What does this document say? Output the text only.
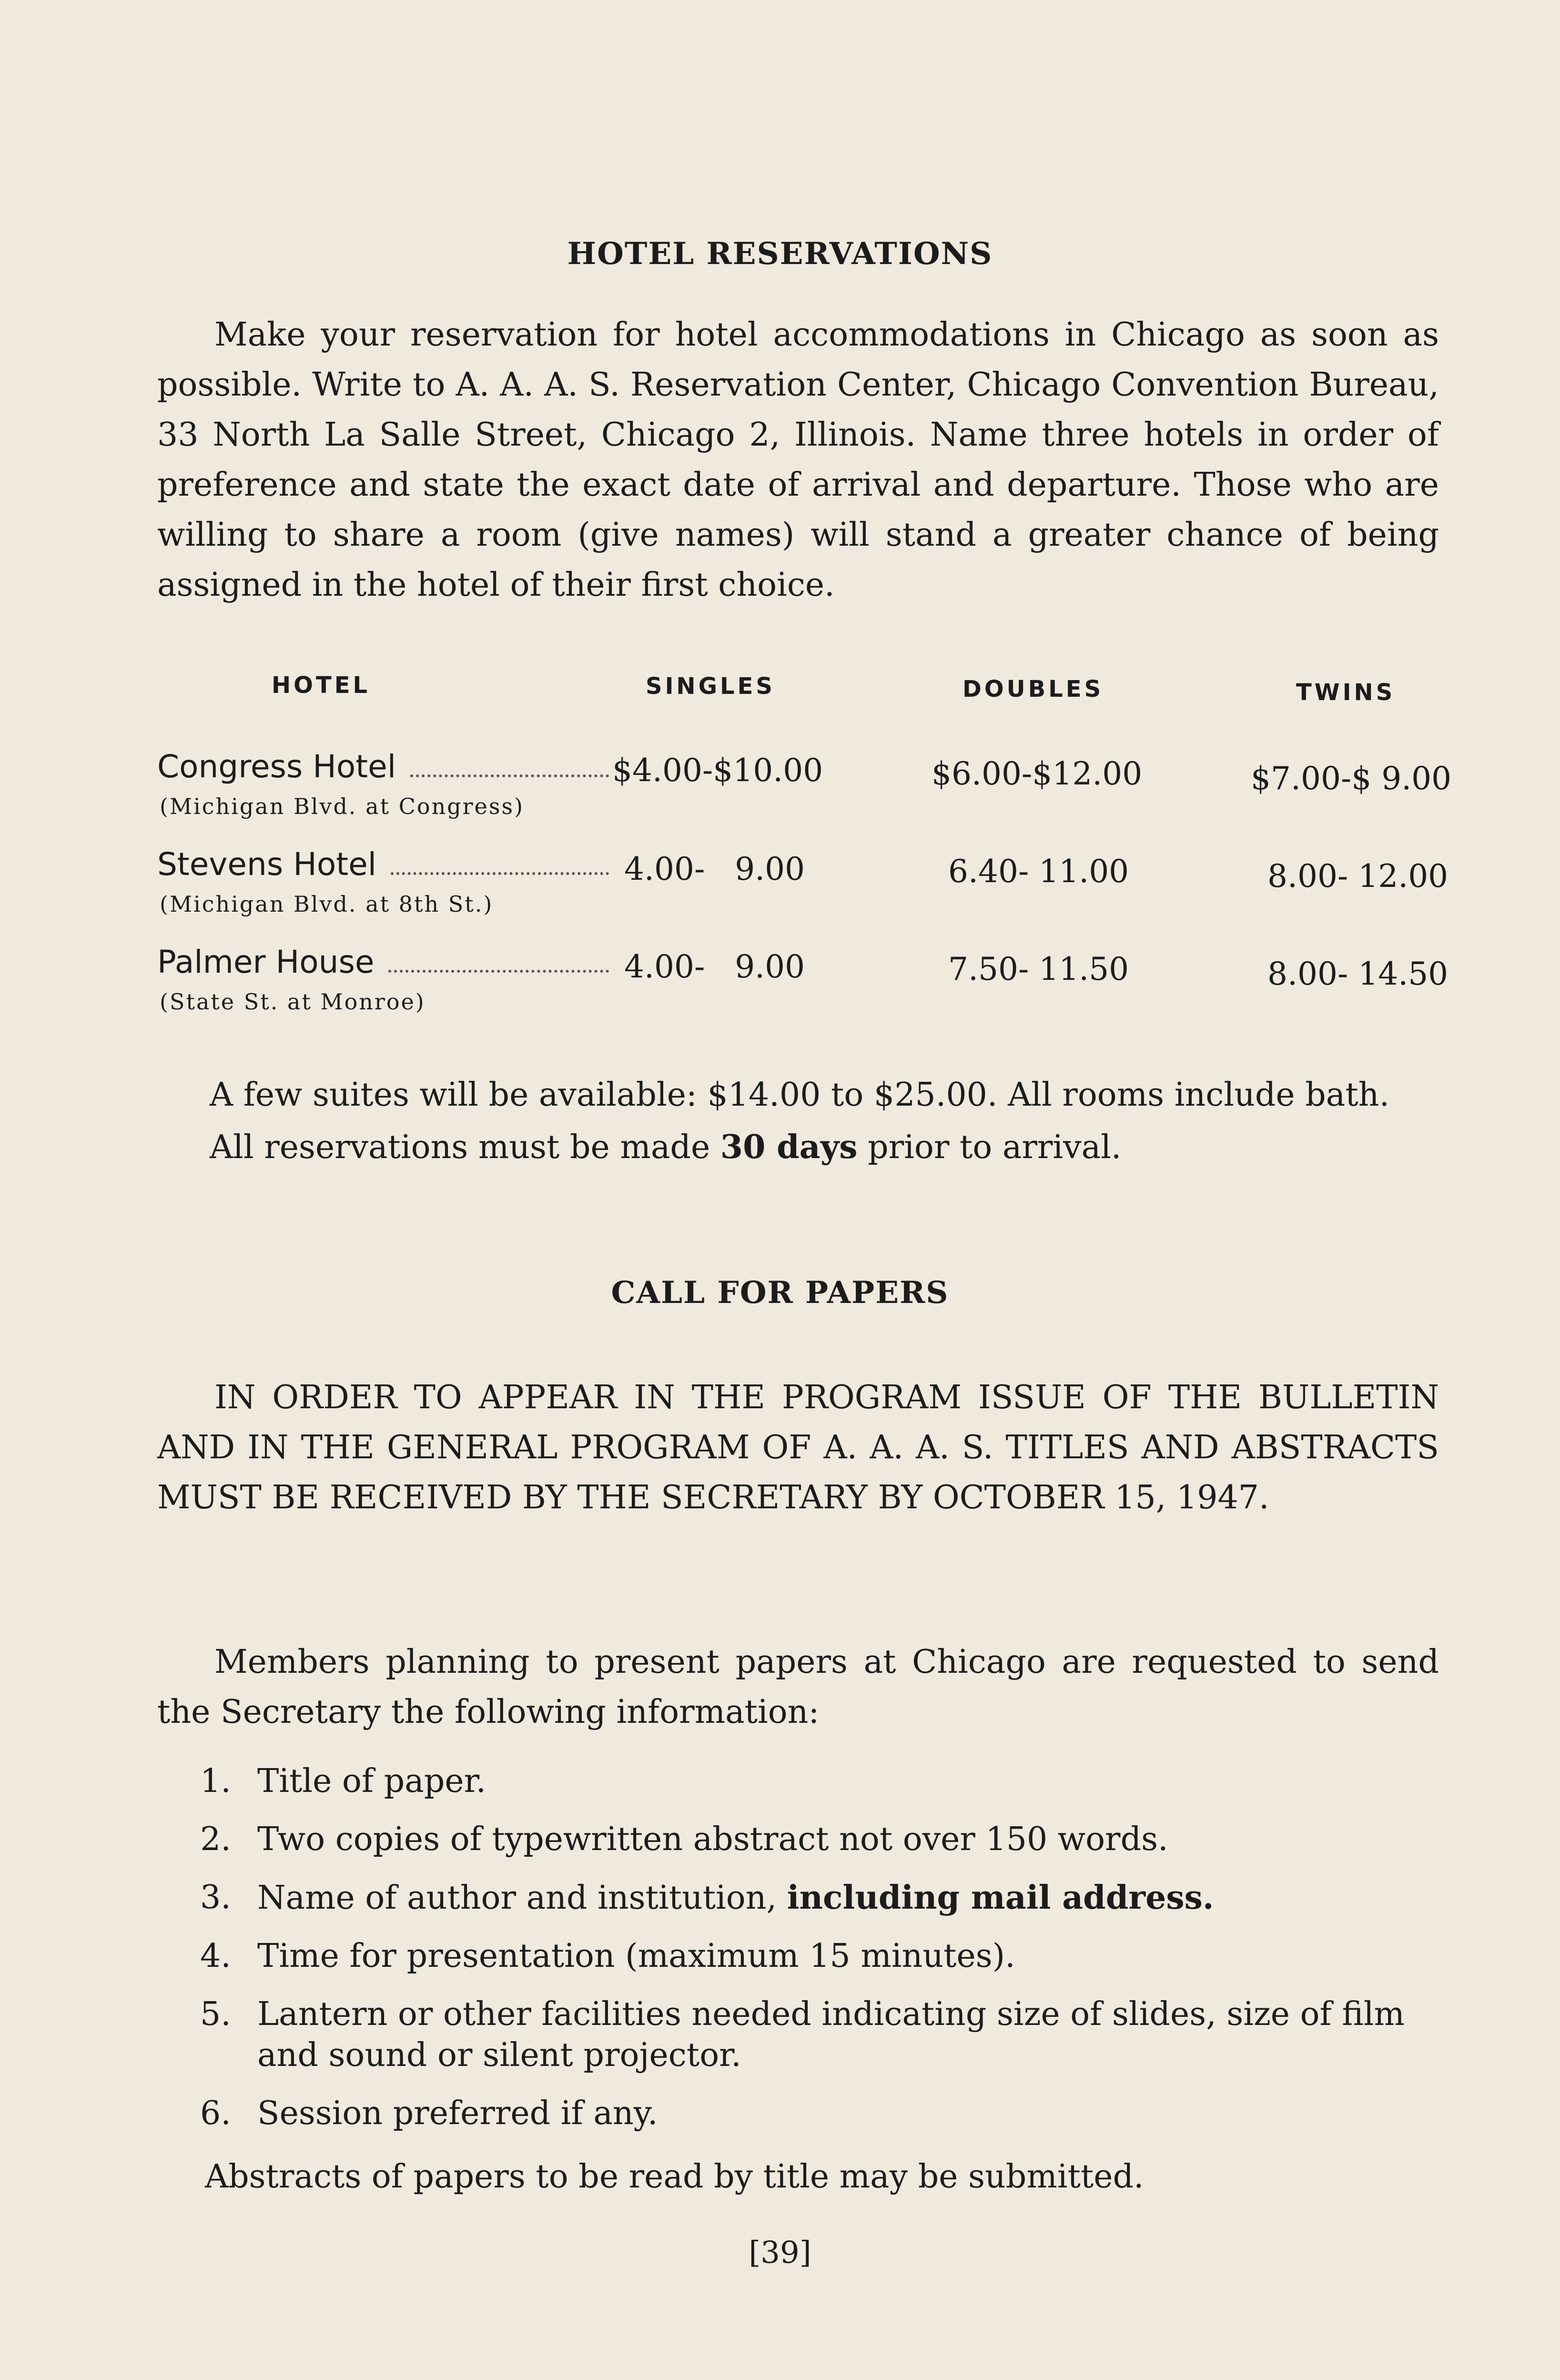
HOTEL RESERVATIONS

Make your reservation for hotel accommodations in Chicago as soon as possible. Write to A. A. A. S. Reservation Center, Chicago Convention Bureau, 33 North La Salle Street, Chicago 2, Illinois. Name three hotels in order of preference and state the exact date of arrival and departure. Those who are willing to share a room (give names) will stand a greater chance of being assigned in the hotel of their first choice.

HOTEL	SINGLES	DOUBLES	TWINS
Congress Hotel
(Michigan Blvd. at Congress)
$4.00-$10.00	$6.00-$12.00	$7.00-$ 9.00
Stevens Hotel
(Michigan Blvd. at 8th St.)
4.00-   9.00	6.40- 11.00	8.00- 12.00
Palmer House
(State St. at Monroe)
4.00-   9.00	7.50- 11.50	8.00- 14.50
A few suites will be available: $14.00 to $25.00. All rooms include bath.
All reservations must be made 30 days prior to arrival.
CALL FOR PAPERS

IN ORDER TO APPEAR IN THE PROGRAM ISSUE OF THE BULLETIN AND IN THE GENERAL PROGRAM OF A. A. A. S. TITLES AND ABSTRACTS MUST BE RECEIVED BY THE SECRETARY BY OCTOBER 15, 1947.

Members planning to present papers at Chicago are requested to send the Secretary the following information:

1. Title of paper.
2. Two copies of typewritten abstract not over 150 words.
3. Name of author and institution, including mail address.
4. Time for presentation (maximum 15 minutes).
5. Lantern or other facilities needed indicating size of slides, size of film and sound or silent projector.
6. Session preferred if any.
Abstracts of papers to be read by title may be submitted.
[39]
